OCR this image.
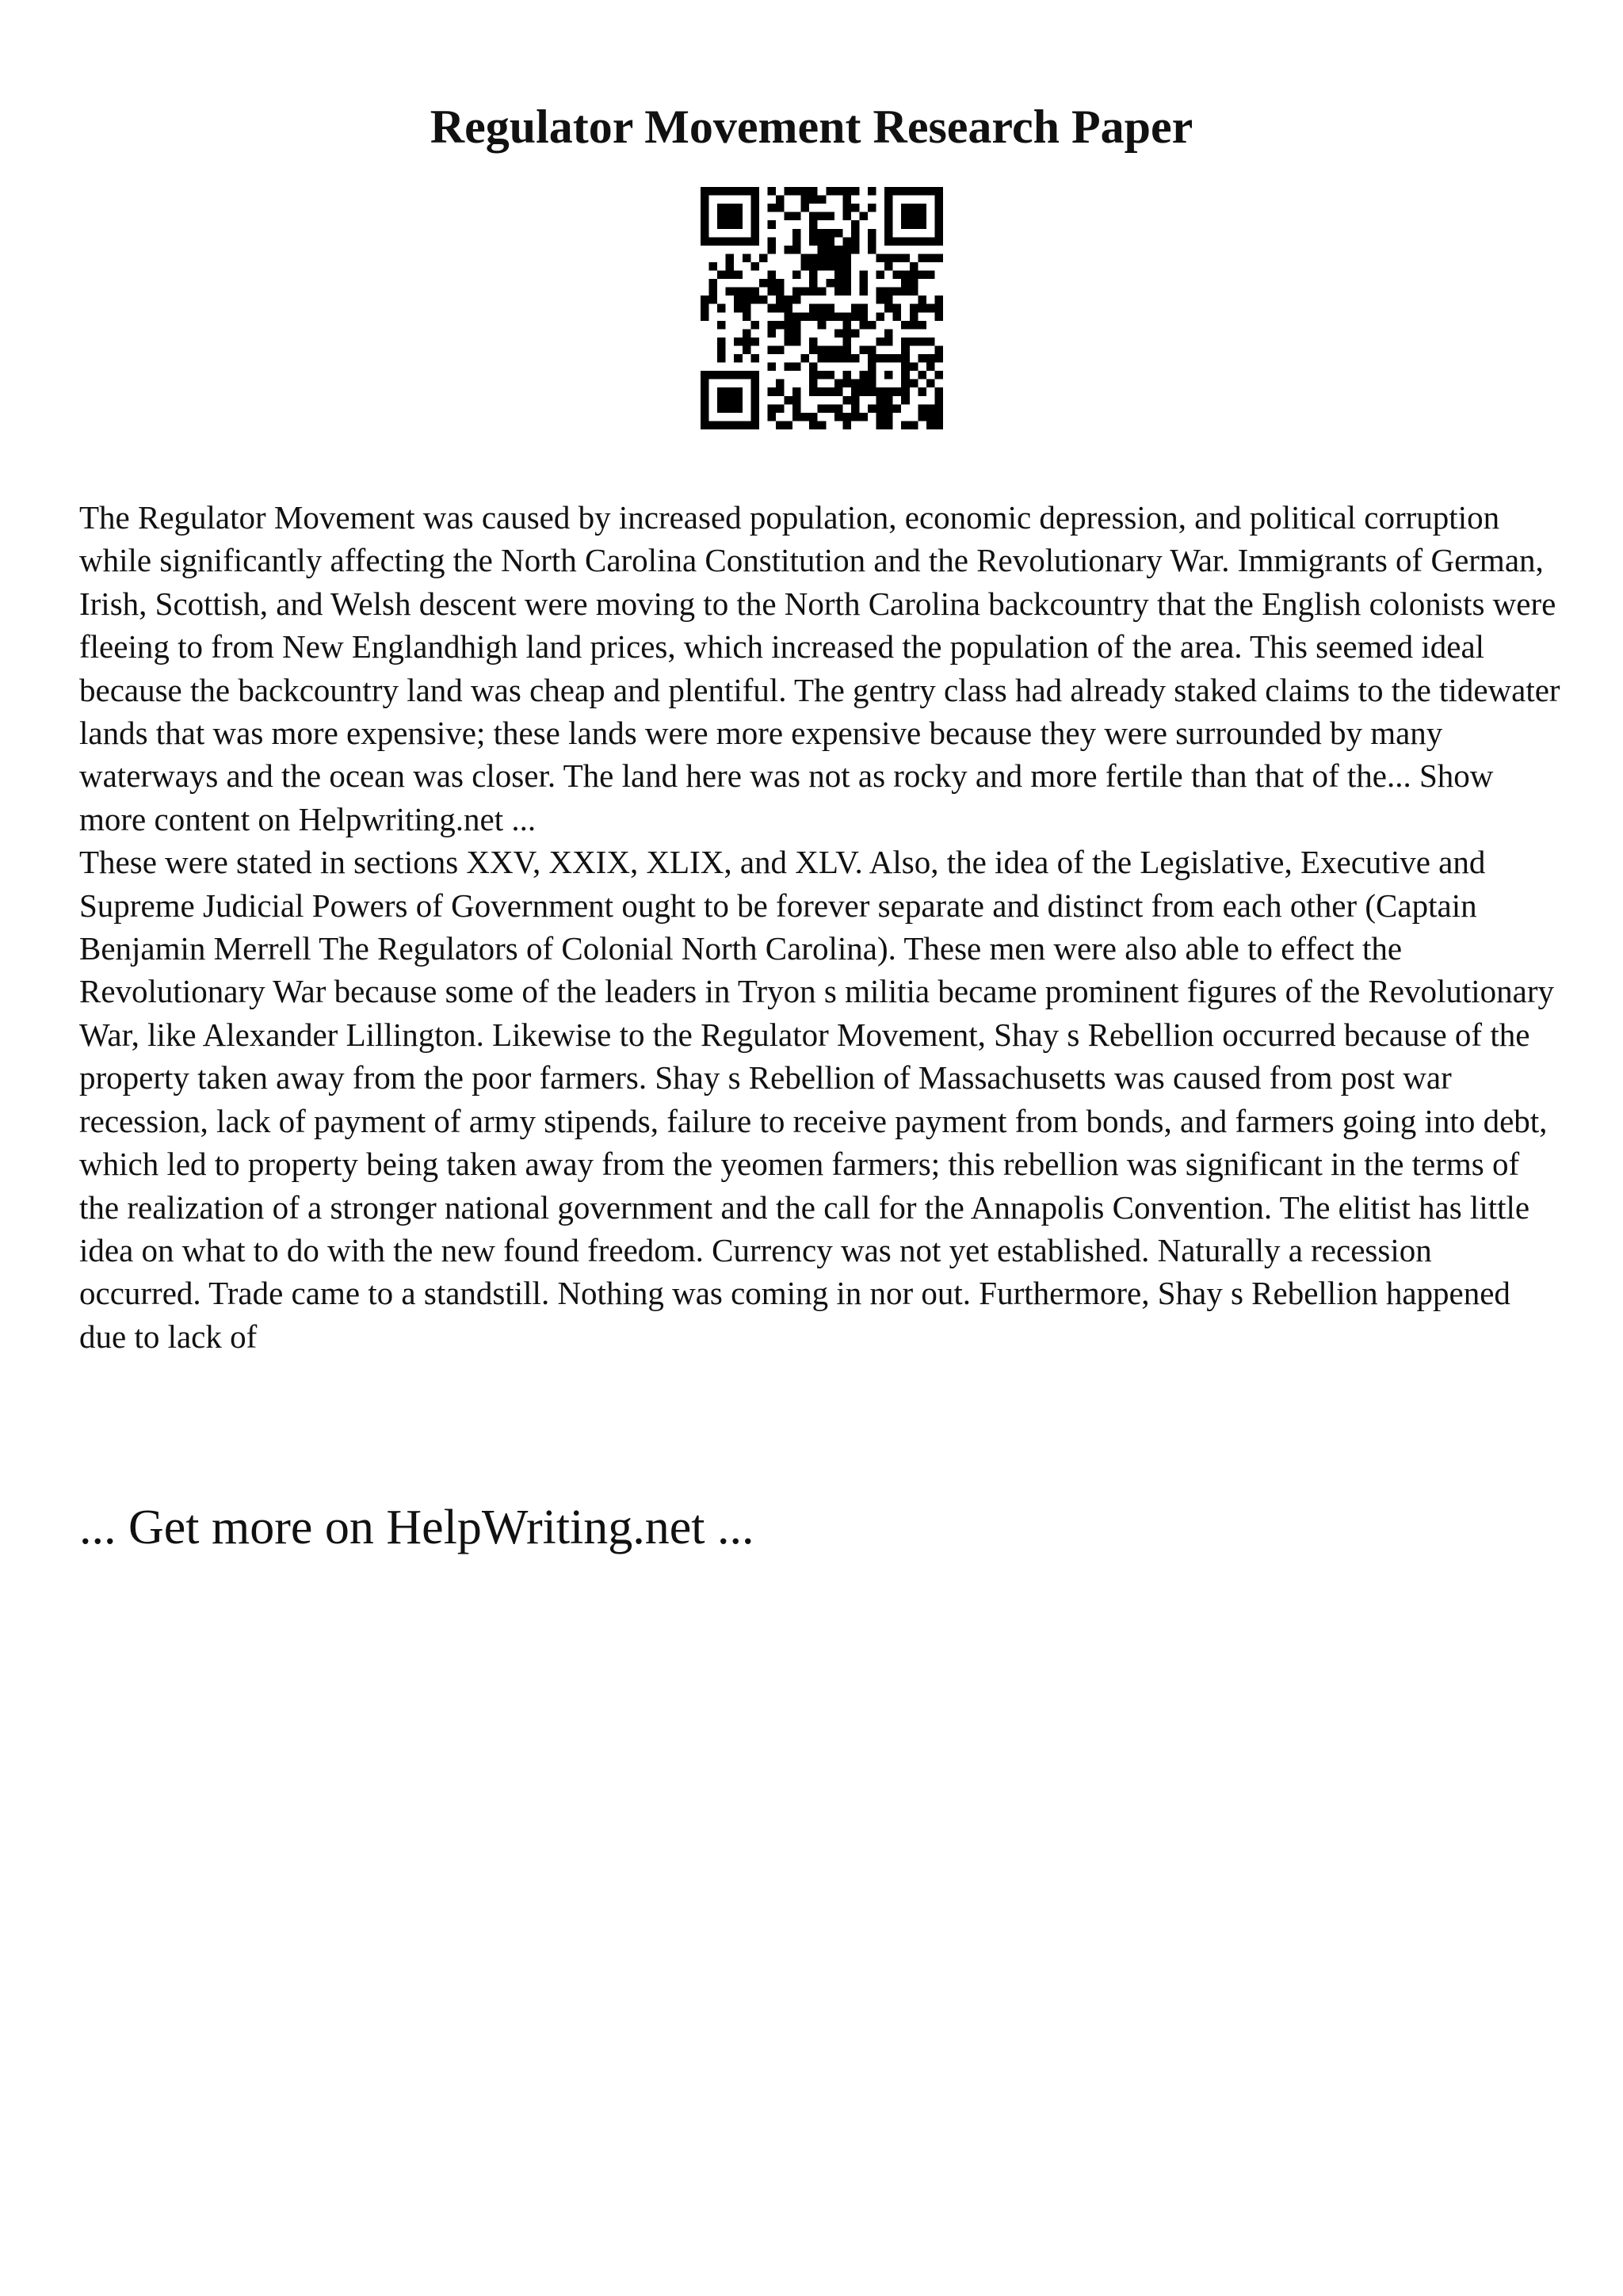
Regulator Movement Research Paper

The Regulator Movement was caused by increased population, economic depression, and political corruption while significantly affecting the North Carolina Constitution and the Revolutionary War. Immigrants of German, Irish, Scottish, and Welsh descent were moving to the North Carolina backcountry that the English colonists were fleeing to from New Englandhigh land prices, which increased the population of the area. This seemed ideal because the backcountry land was cheap and plentiful. The gentry class had already staked claims to the tidewater lands that was more expensive; these lands were more expensive because they were surrounded by many waterways and the ocean was closer. The land here was not as rocky and more fertile than that of the... Show more content on Helpwriting.net ...

These were stated in sections XXV, XXIX, XLIX, and XLV. Also, the idea of the Legislative, Executive and Supreme Judicial Powers of Government ought to be forever separate and distinct from each other (Captain Benjamin Merrell The Regulators of Colonial North Carolina). These men were also able to effect the Revolutionary War because some of the leaders in Tryon s militia became prominent figures of the Revolutionary War, like Alexander Lillington. Likewise to the Regulator Movement, Shay s Rebellion occurred because of the property taken away from the poor farmers. Shay s Rebellion of Massachusetts was caused from post war recession, lack of payment of army stipends, failure to receive payment from bonds, and farmers going into debt, which led to property being taken away from the yeomen farmers; this rebellion was significant in the terms of the realization of a stronger national government and the call for the Annapolis Convention. The elitist has little idea on what to do with the new found freedom. Currency was not yet established. Naturally a recession occurred. Trade came to a standstill. Nothing was coming in nor out. Furthermore, Shay s Rebellion happened due to lack of

... Get more on HelpWriting.net ...
